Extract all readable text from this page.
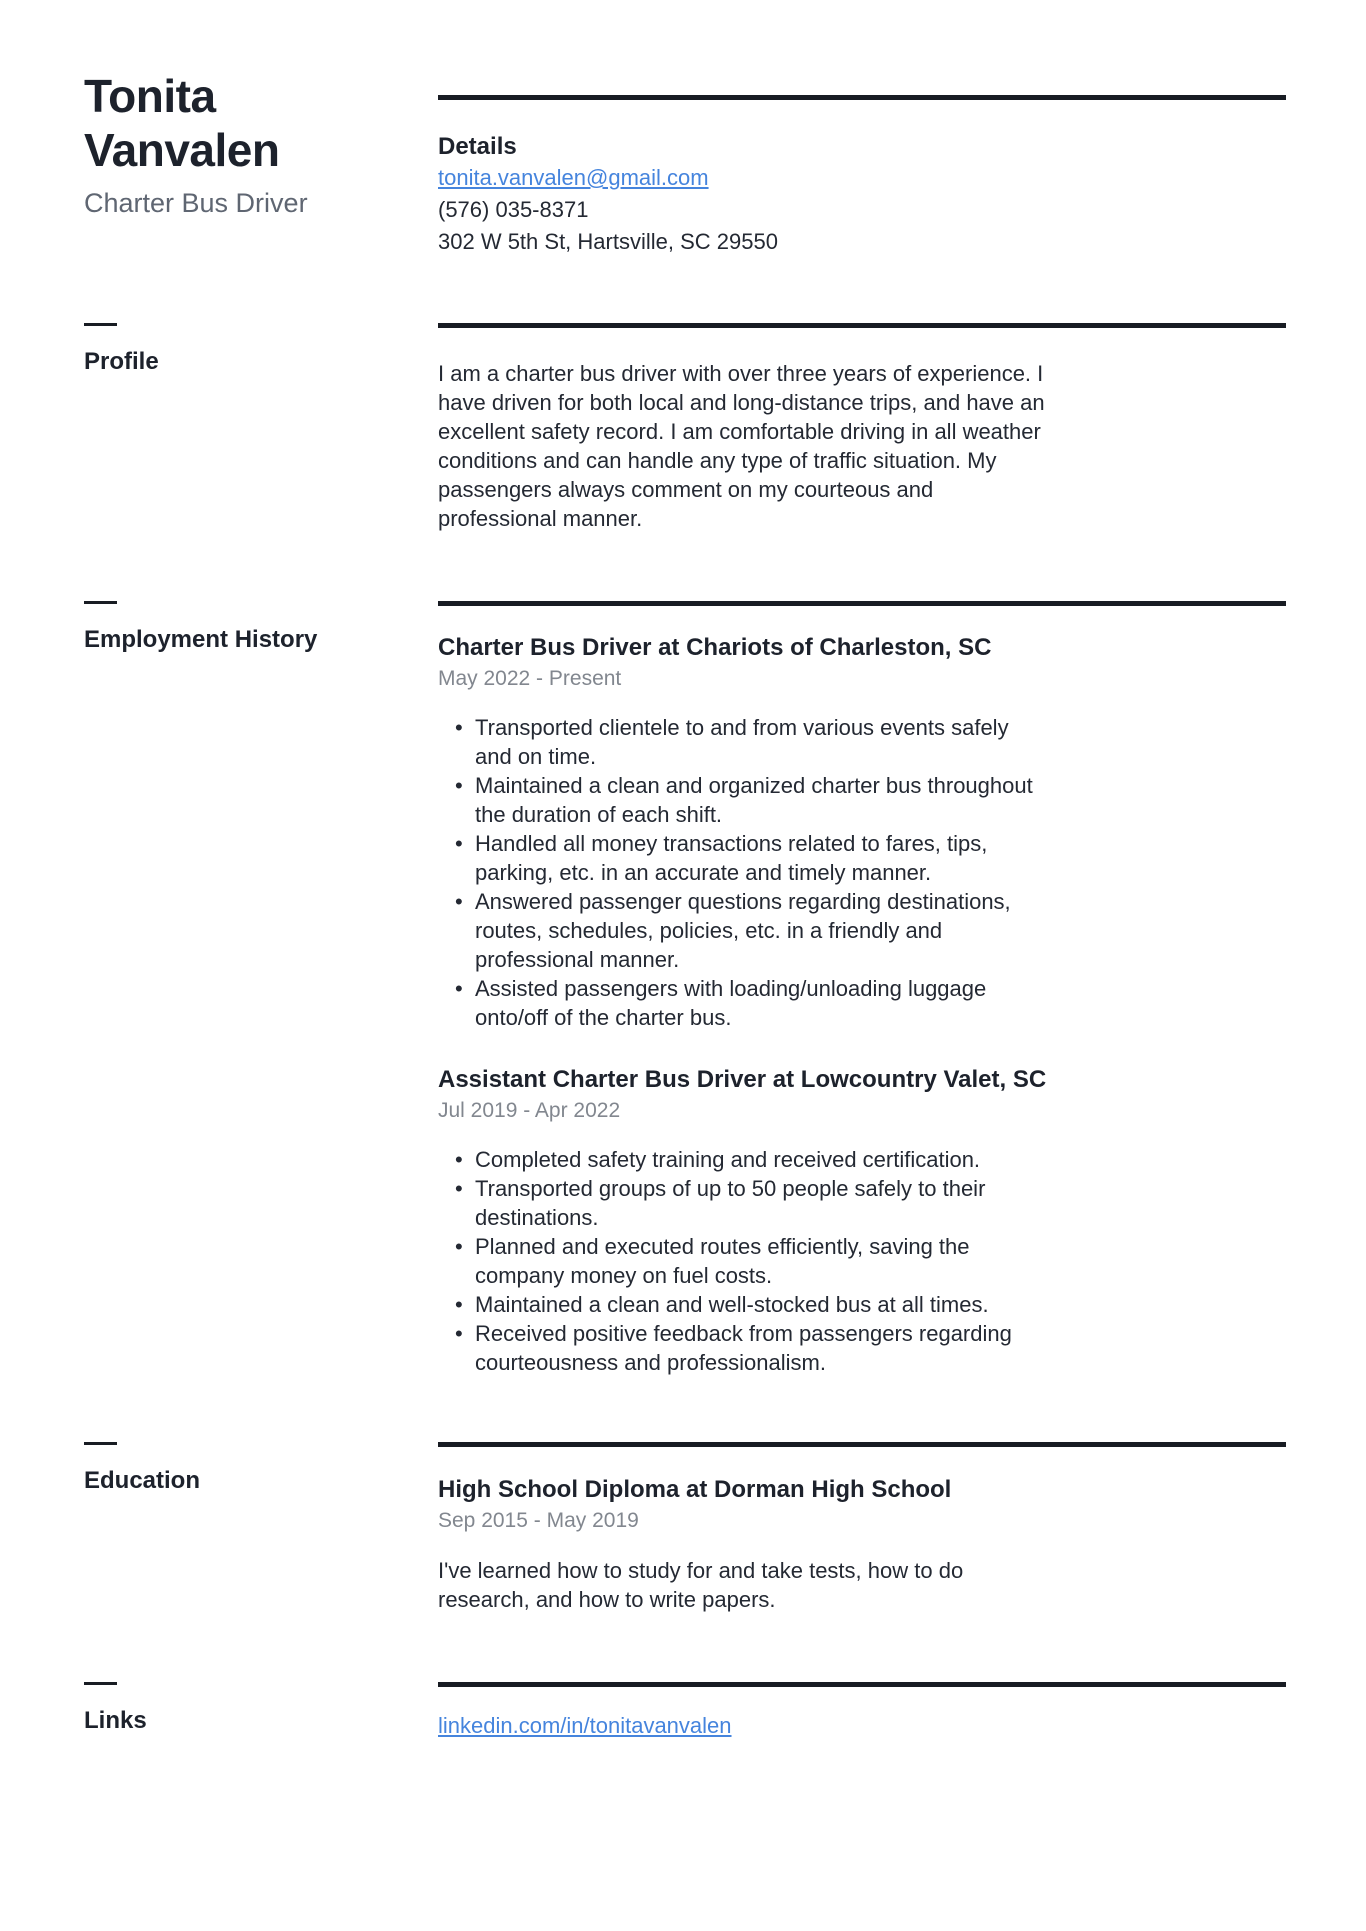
Tonita Vanvalen
Charter Bus Driver
Details
tonita.vanvalen@gmail.com
(576) 035-8371
302 W 5th St, Hartsville, SC 29550
Profile	I am a charter bus driver with over three years of experience. I have driven for both local and long-distance trips, and have an excellent safety record. I am comfortable driving in all weather conditions and can handle any type of traffic situation. My passengers always comment on my courteous and professional manner.
Employment History	Charter Bus Driver at Chariots of Charleston, SC
May 2022 - Present
• Transported clientele to and from various events safely and on time.
• Maintained a clean and organized charter bus throughout the duration of each shift.
• Handled all money transactions related to fares, tips, parking, etc. in an accurate and timely manner.
• Answered passenger questions regarding destinations, routes, schedules, policies, etc. in a friendly and professional manner.
• Assisted passengers with loading/unloading luggage onto/off of the charter bus.
Assistant Charter Bus Driver at Lowcountry Valet, SC
Jul 2019 - Apr 2022
• Completed safety training and received certification.
• Transported groups of up to 50 people safely to their destinations.
• Planned and executed routes efficiently, saving the company money on fuel costs.
• Maintained a clean and well-stocked bus at all times.
• Received positive feedback from passengers regarding courteousness and professionalism.
Education	High School Diploma at Dorman High School
Sep 2015 - May 2019
I've learned how to study for and take tests, how to do research, and how to write papers.
Links	linkedin.com/in/tonitavanvalen
